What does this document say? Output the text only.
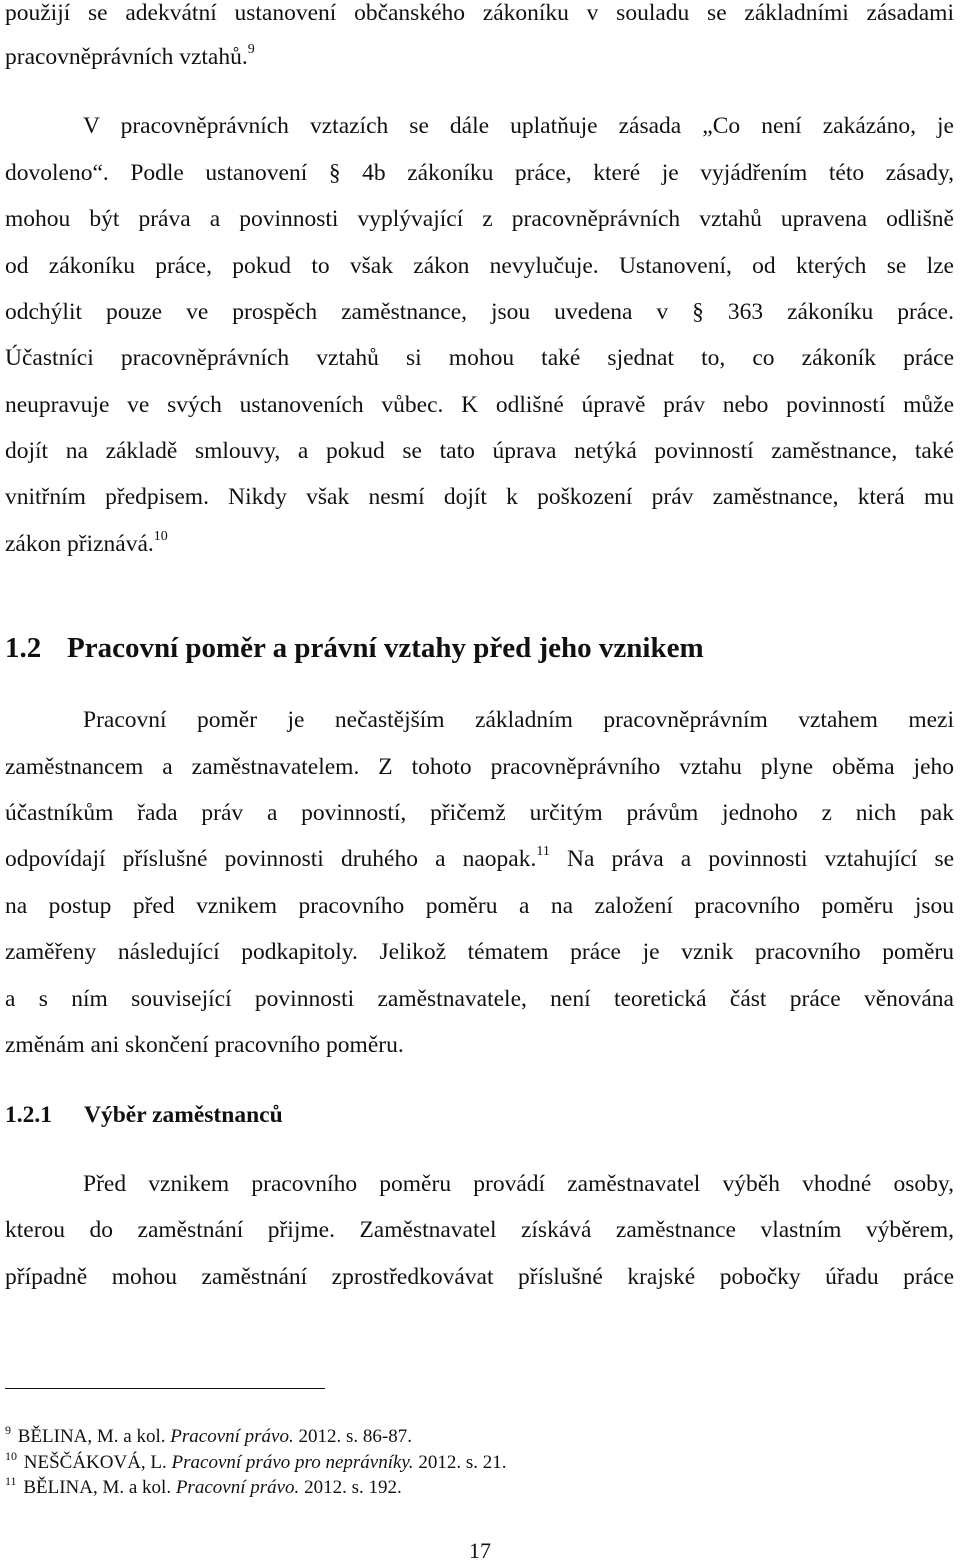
použijí se adekvátní ustanovení občanského zákoníku v souladu se základními zásadami
pracovněprávních vztahů.$^9$
V pracovněprávních vztazích se dále uplatňuje zásada „Co není zakázáno, je
dovoleno“. Podle ustanovení § 4b zákoníku práce, které je vyjádřením této zásady,
mohou být práva a povinnosti vyplývající z pracovněprávních vztahů upravena odlišně
od zákoníku práce, pokud to však zákon nevylučuje. Ustanovení, od kterých se lze
odchýlit pouze ve prospěch zaměstnance, jsou uvedena v § 363 zákoníku práce.
Účastníci pracovněprávních vztahů si mohou také sjednat to, co zákoník práce
neupravuje ve svých ustanoveních vůbec. K odlišné úpravě práv nebo povinností může
dojít na základě smlouvy, a pokud se tato úprava netýká povinností zaměstnance, také
vnitřním předpisem. Nikdy však nesmí dojít k poškození práv zaměstnance, která mu
zákon přiznává.$^{10}$
1.2 Pracovní poměr a právní vztahy před jeho vznikem
Pracovní poměr je nečastějším základním pracovněprávním vztahem mezi
zaměstnancem a zaměstnavatelem. Z tohoto pracovněprávního vztahu plyne oběma jeho
účastníkům řada práv a povinností, přičemž určitým právům jednoho z nich pak
odpovídají příslušné povinnosti druhého a naopak.$^{11}$ Na práva a povinnosti vztahující se
na postup před vznikem pracovního poměru a na založení pracovního poměru jsou
zaměřeny následující podkapitoly. Jelikož tématem práce je vznik pracovního poměru
a s ním související povinnosti zaměstnavatele, není teoretická část práce věnována
změnám ani skončení pracovního poměru.
1.2.1 Výběr zaměstnanců
Před vznikem pracovního poměru provádí zaměstnavatel výběh vhodné osoby,
kterou do zaměstnání přijme. Zaměstnavatel získává zaměstnance vlastním výběrem,
případně mohou zaměstnání zprostředkovávat příslušné krajské pobočky úřadu práce
$^9$ BĚLINA, M. a kol. Pracovní právo. 2012. s. 86-87.
$^{10}$ NEŠČÁKOVÁ, L. Pracovní právo pro neprávníky. 2012. s. 21.
$^{11}$ BĚLINA, M. a kol. Pracovní právo. 2012. s. 192.
17
